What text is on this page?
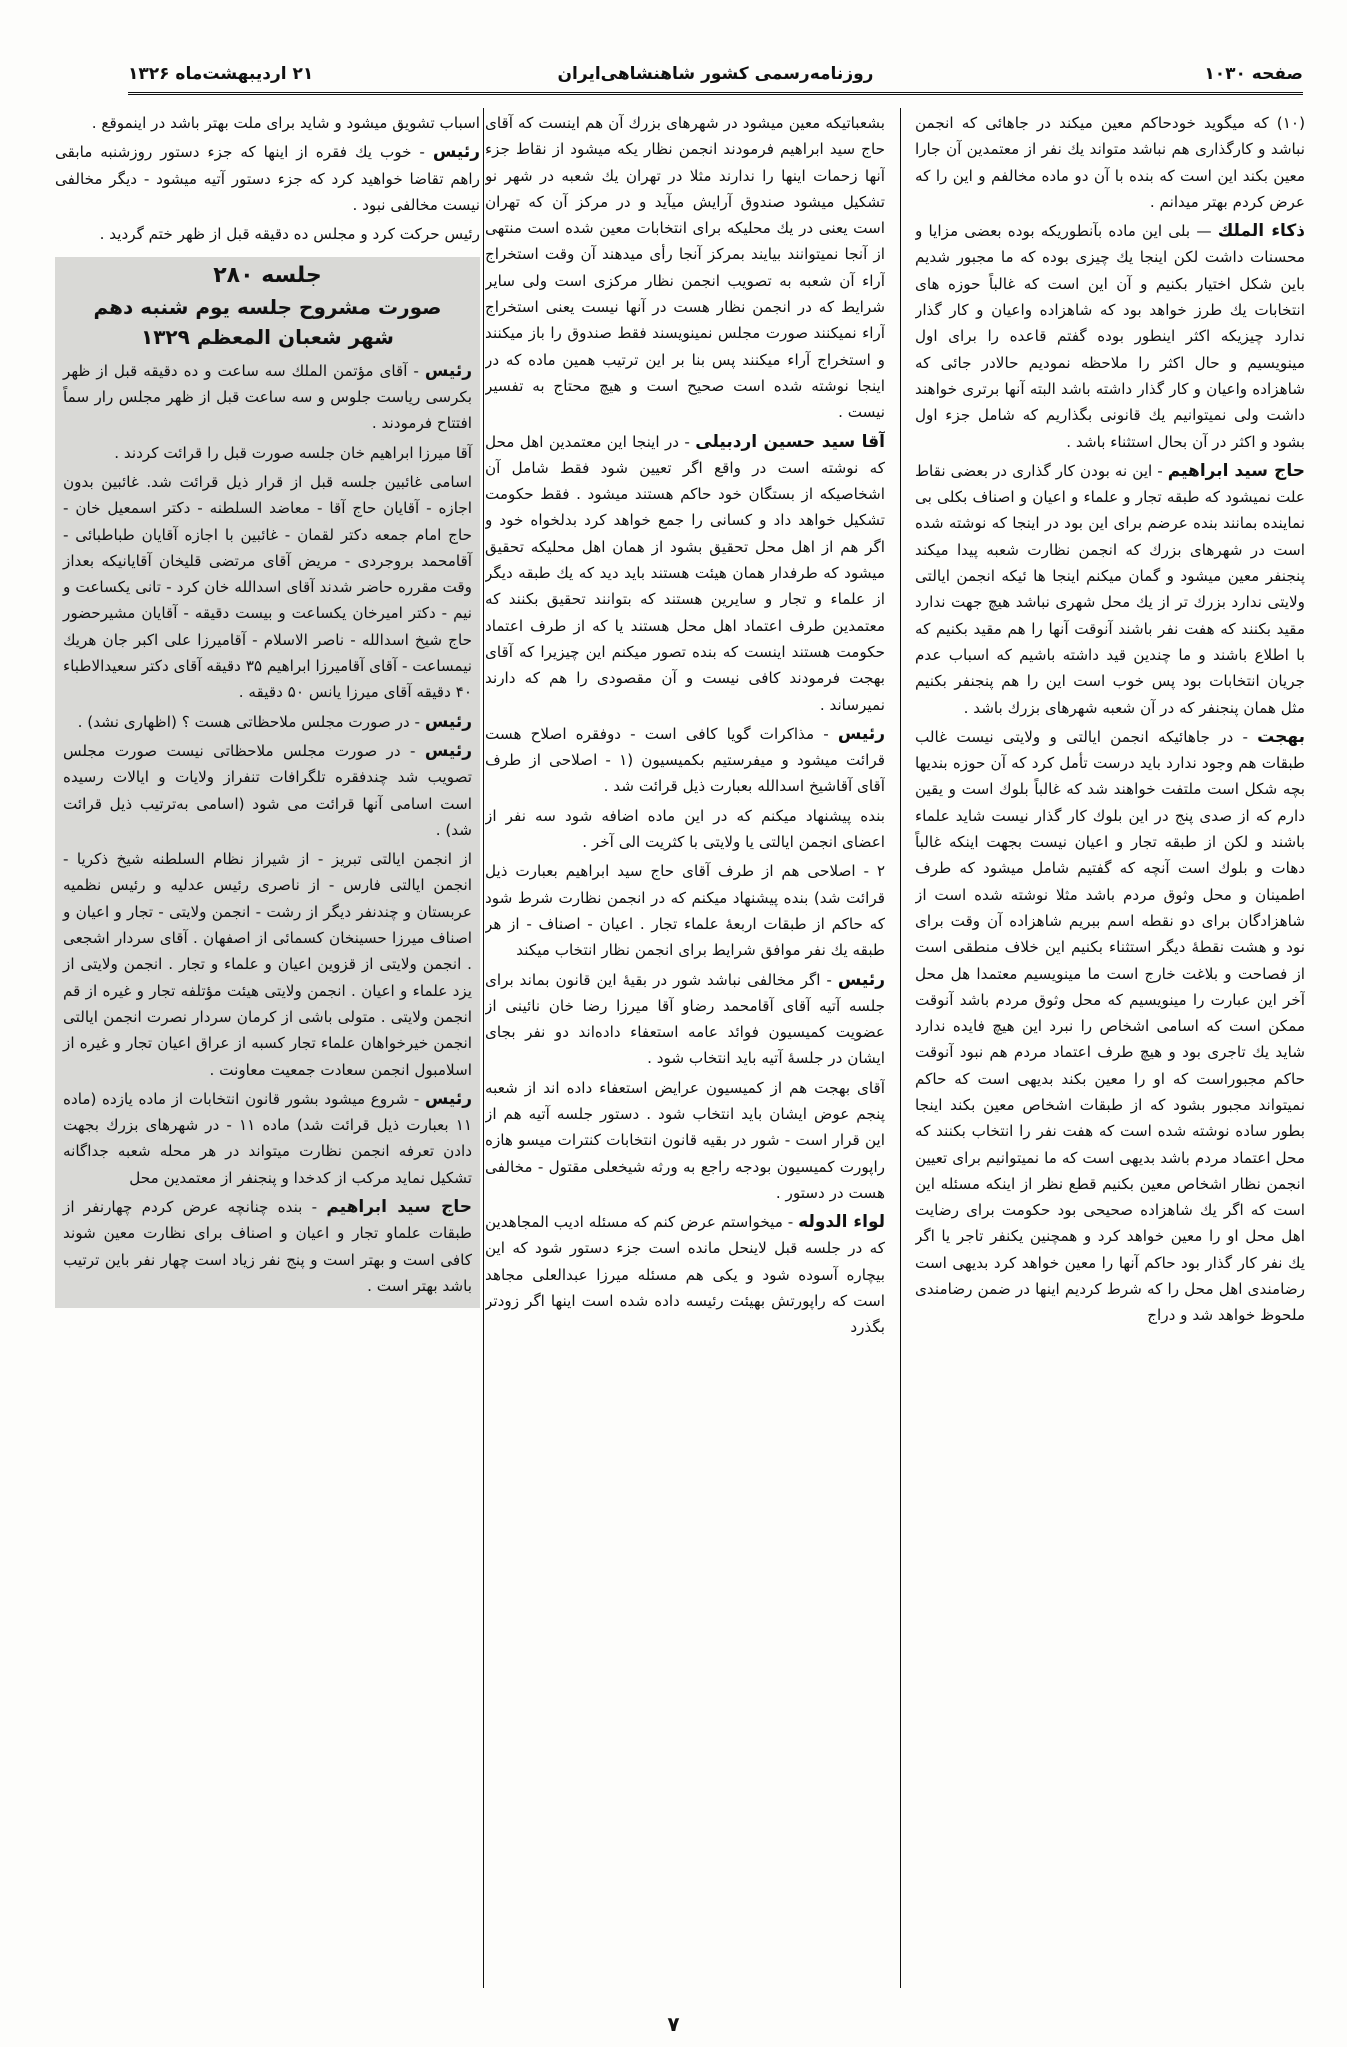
صفحه ۱۰۳۰
روزنامه‌رسمی کشور شاهنشاهی‌ایران
۲۱ اردیبهشت‌ماه ۱۳۲۶

(۱۰) که میگوید خودحاکم معین میکند در جاهائی که انجمن نباشد و کارگذاری هم نباشد متواند یك نفر از معتمدین آن جارا معین بکند این است که بنده با آن دو ماده مخالفم و این را که عرض کردم بهتر میدانم .

ذکاء الملك — بلی این ماده بآنطوریکه بوده بعضی مزایا و محسنات داشت لکن اینجا یك چیزی بوده که ما مجبور شدیم باین شکل اختیار بکنیم و آن این است که غالباً حوزه های انتخابات یك طرز خواهد بود که شاهزاده واعیان و کار گذار ندارد چیزیکه اکثر اینطور بوده گفتم قاعده را برای اول مینویسیم و حال اکثر را ملاحظه نمودیم حالادر جائی که شاهزاده واعیان و کار گذار داشته باشد البته آنها برتری خواهند داشت ولی نمیتوانیم یك قانونی بگذاریم که شامل جزء اول بشود و اکثر در آن بحال استثناء باشد .

حاج سید ابراهیم - این نه بودن کار گذاری در بعضی نقاط علت نمیشود که طبقه تجار و علماء و اعیان و اصناف بکلی بی نماینده بمانند بنده عرضم برای این بود در اینجا که نوشته شده است در شهرهای بزرك که انجمن نظارت شعبه پیدا میکند پنجنفر معین میشود و گمان میکنم اینجا ها ئیکه انجمن ایالتی ولایتی ندارد بزرك تر از یك محل شهری نباشد هیچ جهت ندارد مقید بکنند که هفت نفر باشند آنوقت آنها را هم مقید بکنیم که با اطلاع باشند و ما چندین قید داشته باشیم که اسباب عدم جریان انتخابات بود پس خوب است این را هم پنجنفر بکنیم مثل همان پنجنفر که در آن شعبه شهرهای بزرك باشد .

بهجت - در جاهائیکه انجمن ایالتی و ولایتی نیست غالب طبقات هم وجود ندارد باید درست تأمل کرد که آن حوزه بندیها بچه شکل است ملتفت خواهند شد که غالباً بلوك است و یقین دارم که از صدی پنج در این بلوك کار گذار نیست شاید علماء باشند و لکن از طبقه تجار و اعیان نیست بجهت اینکه غالباً دهات و بلوك است آنچه که گفتیم شامل میشود که طرف اطمینان و محل وثوق مردم باشد مثلا نوشته شده است از شاهزادگان برای دو نقطه اسم ببریم شاهزاده آن وقت برای نود و هشت نقطهٔ دیگر استثناء بکنیم این خلاف منطقی است از فصاحت و بلاغت خارج است ما مینویسیم معتمدا هل محل آخر این عبارت را مینویسیم که محل وثوق مردم باشد آنوقت ممکن است که اسامی اشخاص را نبرد این هیچ فایده ندارد شاید یك تاجری بود و هیچ طرف اعتماد مردم هم نبود آنوقت حاکم مجبوراست که او را معین بکند بدیهی است که حاکم نمیتواند مجبور بشود که از طبقات اشخاص معین بکند اینجا بطور ساده نوشته شده است که هفت نفر را انتخاب بکنند که محل اعتماد مردم باشد بدیهی است که ما نمیتوانیم برای تعیین انجمن نظار اشخاص معین بکنیم قطع نظر از اینکه مسئله این است که اگر یك شاهزاده صحیحی بود حکومت برای رضایت اهل محل او را معین خواهد کرد و همچنین یکنفر تاجر یا اگر یك نفر کار گذار بود حاکم آنها را معین خواهد کرد بدیهی است رضامندی اهل محل را که شرط کردیم اینها در ضمن رضامندی ملحوظ خواهد شد و دراج

بشعباتیکه معین میشود در شهرهای بزرك آن هم اینست که آقای حاج سید ابراهیم فرمودند انجمن نظار یکه میشود از نقاط جزء آنها زحمات اینها را ندارند مثلا در تهران یك شعبه در شهر نو تشکیل میشود صندوق آرایش میآید و در مرکز آن که تهران است یعنی در یك محلیکه برای انتخابات معین شده است منتهی از آنجا نمیتوانند بیایند بمرکز آنجا رأی میدهند آن وقت استخراج آراء آن شعبه به تصویب انجمن نظار مرکزی است ولی سایر شرایط که در انجمن نظار هست در آنها نیست یعنی استخراج آراء نمیکنند صورت مجلس نمینویسند فقط صندوق را باز میکنند و استخراج آراء میکنند پس بنا بر این ترتیب همین ماده که در اینجا نوشته شده است صحیح است و هیچ محتاج به تفسیر نیست .

آقا سید حسین اردبیلی - در اینجا این معتمدین اهل محل که نوشته است در واقع اگر تعیین شود فقط شامل آن اشخاصیکه از بستگان خود حاکم هستند میشود . فقط حکومت تشکیل خواهد داد و کسانی را جمع خواهد کرد بدلخواه خود و اگر هم از اهل محل تحقیق بشود از همان اهل محلیکه تحقیق میشود که طرفدار همان هیئت هستند باید دید که یك طبقه دیگر از علماء و تجار و سایرین هستند که بتوانند تحقیق بکنند که معتمدین طرف اعتماد اهل محل هستند یا که از طرف اعتماد حکومت هستند اینست که بنده تصور میکنم این چیزیرا که آقای بهجت فرمودند کافی نیست و آن مقصودی را هم که دارند نمیرساند .

رئیس - مذاکرات گویا کافی است - دوفقره اصلاح هست قرائت میشود و میفرستیم بکمیسیون (۱ - اصلاحی از طرف آقای آقاشیخ اسدالله بعبارت ذیل قرائت شد .

بنده پیشنهاد میکنم که در این ماده اضافه شود سه نفر از اعضای انجمن ایالتی یا ولایتی با کثریت الی آخر .

۲ - اصلاحی هم از طرف آقای حاج سید ابراهیم بعبارت ذیل قرائت شد) بنده پیشنهاد میکنم که در انجمن نظارت شرط شود که حاکم از طبقات اربعهٔ علماء تجار . اعیان - اصناف - از هر طبقه یك نفر موافق شرایط برای انجمن نظار انتخاب میکند

رئیس - اگر مخالفی نباشد شور در بقیهٔ این قانون بماند برای جلسه آتیه آقای آقامحمد رضاو آقا میرزا رضا خان نائینی از عضویت کمیسیون فوائد عامه استعفاء داده‌اند دو نفر بجای ایشان در جلسهٔ آتیه باید انتخاب شود .

آقای بهجت هم از کمیسیون عرایض استعفاء داده اند از شعبه پنجم عوض ایشان باید انتخاب شود . دستور جلسه آتیه هم از این قرار است - شور در بقیه قانون انتخابات کنترات میسو هازه راپورت کمیسیون بودجه راجع به ورثه شیخعلی مقتول - مخالفی هست در دستور .

لواء الدوله - میخواستم عرض کنم که مسئله ادیب المجاهدین که در جلسه قبل لاینحل مانده است جزء دستور شود که این بیچاره آسوده شود و یکی هم مسئله میرزا عبدالعلی مجاهد است که راپورتش بهیئت رئیسه داده شده است اینها اگر زودتر بگذرد

اسباب تشویق میشود و شاید برای ملت بهتر باشد در اینموقع .

رئیس - خوب یك فقره از اینها که جزء دستور روزشنبه مابقی راهم تقاضا خواهید کرد که جزء دستور آتیه میشود - دیگر مخالفی نیست مخالفی نبود .

رئیس حرکت کرد و مجلس ده دقیقه قبل از ظهر ختم گردید .

جلسه ۲۸۰
صورت مشروح جلسه یوم شنبه دهم
شهر شعبان المعظم ۱۳۲۹

رئیس - آقای مؤتمن الملك سه ساعت و ده دقیقه قبل از ظهر بکرسی ریاست جلوس و سه ساعت قبل از ظهر مجلس رار سماً افتتاح فرمودند .

آقا میرزا ابراهیم خان جلسه صورت قبل را قرائت کردند .

اسامی غائبین جلسه قبل از قرار ذیل قرائت شد. غائبین بدون اجازه - آقایان حاج آقا - معاضد السلطنه - دکتر اسمعیل خان - حاج امام جمعه دکتر لقمان - غائبین با اجازه آقایان طباطبائی - آقامحمد بروجردی - مریض آقای مرتضی قلیخان آقایانیکه بعداز وقت مقرره حاضر شدند آقای اسدالله خان کرد - تانی یکساعت و نیم - دکتر امیرخان یکساعت و بیست دقیقه - آقایان مشیرحضور حاج شیخ اسدالله - ناصر الاسلام - آقامیرزا علی اکبر جان هریك نیمساعت - آقای آقامیرزا ابراهیم ۳۵ دقیقه آقای دکتر سعیدالاطباء ۴۰ دقیقه آقای میرزا یانس ۵۰ دقیقه .

رئیس - در صورت مجلس ملاحظاتی هست ؟ (اظهاری نشد) .

رئیس - در صورت مجلس ملاحظاتی نیست صورت مجلس تصویب شد چندفقره تلگرافات تنفراز ولایات و ایالات رسیده است اسامی آنها قرائت می شود (اسامی به‌ترتیب ذیل قرائت شد) .

از انجمن ایالتی تبریز - از شیراز نظام السلطنه شیخ ذکریا - انجمن ایالتی فارس - از ناصری رئیس عدلیه و رئیس نظمیه عربستان و چندنفر دیگر از رشت - انجمن ولایتی - تجار و اعیان و اصناف میرزا حسینخان کسمائی از اصفهان . آقای سردار اشجعی . انجمن ولایتی از قزوین اعیان و علماء و تجار . انجمن ولایتی از یزد علماء و اعیان . انجمن ولایتی هیئت مؤتلفه تجار و غیره از قم انجمن ولایتی . متولی باشی از کرمان سردار نصرت انجمن ایالتی انجمن خیرخواهان علماء تجار کسبه از عراق اعیان تجار و غیره از اسلامبول انجمن سعادت جمعیت معاونت .

رئیس - شروع میشود بشور قانون انتخابات از ماده یازده (ماده ۱۱ بعبارت ذیل قرائت شد) ماده ۱۱ - در شهرهای بزرك بجهت دادن تعرفه انجمن نظارت میتواند در هر محله شعبه جداگانه تشکیل نماید مرکب از کدخدا و پنجنفر از معتمدین محل

حاج سید ابراهیم - بنده چنانچه عرض کردم چهارنفر از طبقات علماو تجار و اعیان و اصناف برای نظارت معین شوند کافی است و بهتر است و پنج نفر زیاد است چهار نفر باین ترتیب باشد بهتر است .

۷
